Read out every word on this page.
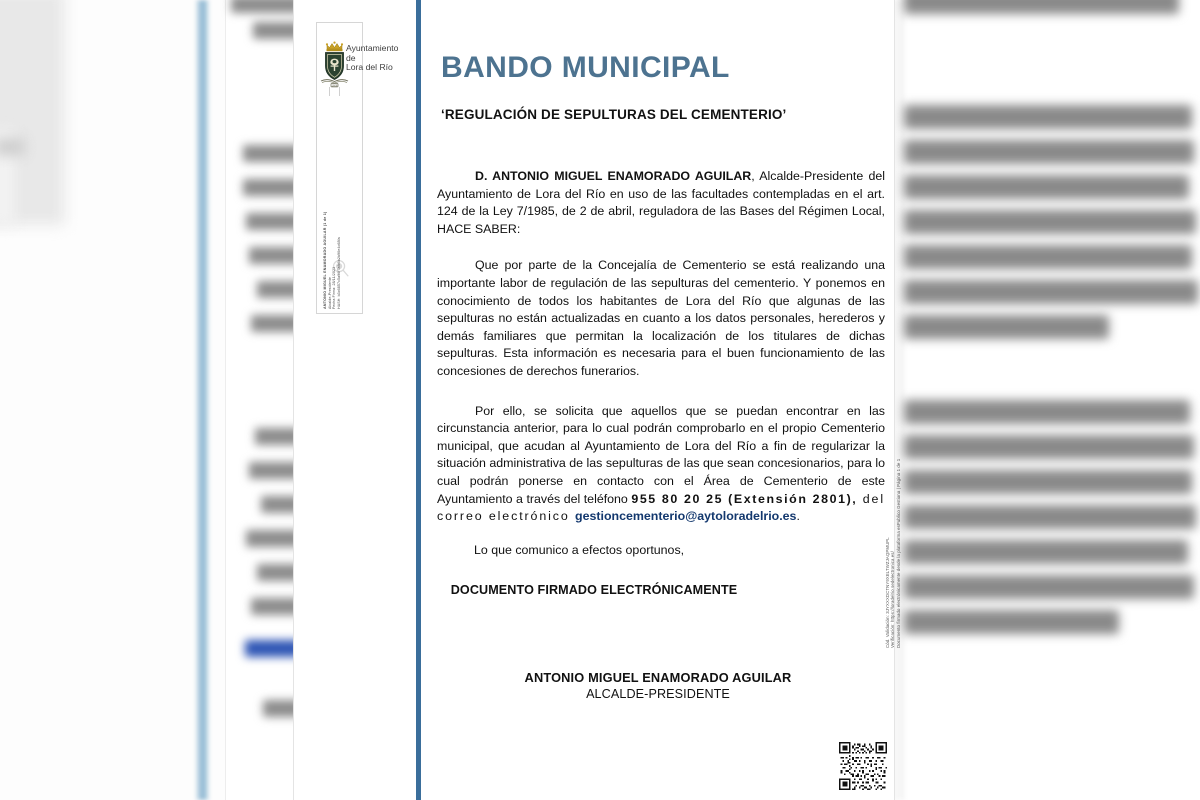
ANTONIO MIGUEL ENAMORADO AGUILAR (1 de 1) Alcalde-Presidente Fecha Firma: 28/11/2023 HASH: b3c6857c5a96f7afc6b2b90e4c68fa
1808
Ayuntamiento
de
Lora del Río BANDO MUNICIPAL
‘REGULACIÓN DE SEPULTURAS DEL CEMENTERIO’

D. ANTONIO MIGUEL ENAMORADO AGUILAR, Alcalde-Presidente del Ayuntamiento de Lora del Río en uso de las facultades contempladas en el art. 124 de la Ley 7/1985, de 2 de abril, reguladora de las Bases del Régimen Local, HACE SABER:

Que por parte de la Concejalía de Cementerio se está realizando una importante labor de regulación de las sepulturas del cementerio. Y ponemos en conocimiento de todos los habitantes de Lora del Río que algunas de las sepulturas no están actualizadas en cuanto a los datos personales, herederos y demás familiares que permitan la localización de los titulares de dichas sepulturas. Esta información es necesaria para el buen funcionamiento de las concesiones de derechos funerarios.

Por ello, se solicita que aquellos que se puedan encontrar en las circunstancia anterior, para lo cual podrán comprobarlo en el propio Cementerio municipal, que acudan al Ayuntamiento de Lora del Río a fin de regularizar la situación administrativa de las sepulturas de las que sean concesionarios, para lo cual podrán ponerse en contacto con el Área de Cementerio de este Ayuntamiento a través del teléfono 955 80 20 25 (Extensión 2801), del correo electrónico gestioncementerio@aytoloradelrio.es.

Lo que comunico a efectos oportunos,
DOCUMENTO FIRMADO ELECTRÓNICAMENTE
ANTONIO MIGUEL ENAMORADO AGUILAR
ALCALDE-PRESIDENTE
Cód. Validación: 3JYXXXDCTNY9XELTWZJAQPMUPL Verificación: https://loradelrio.sedelectronica.es/ Documento firmado electrónicamente desde la plataforma esPublico Gestiona | Página 1 de 1
